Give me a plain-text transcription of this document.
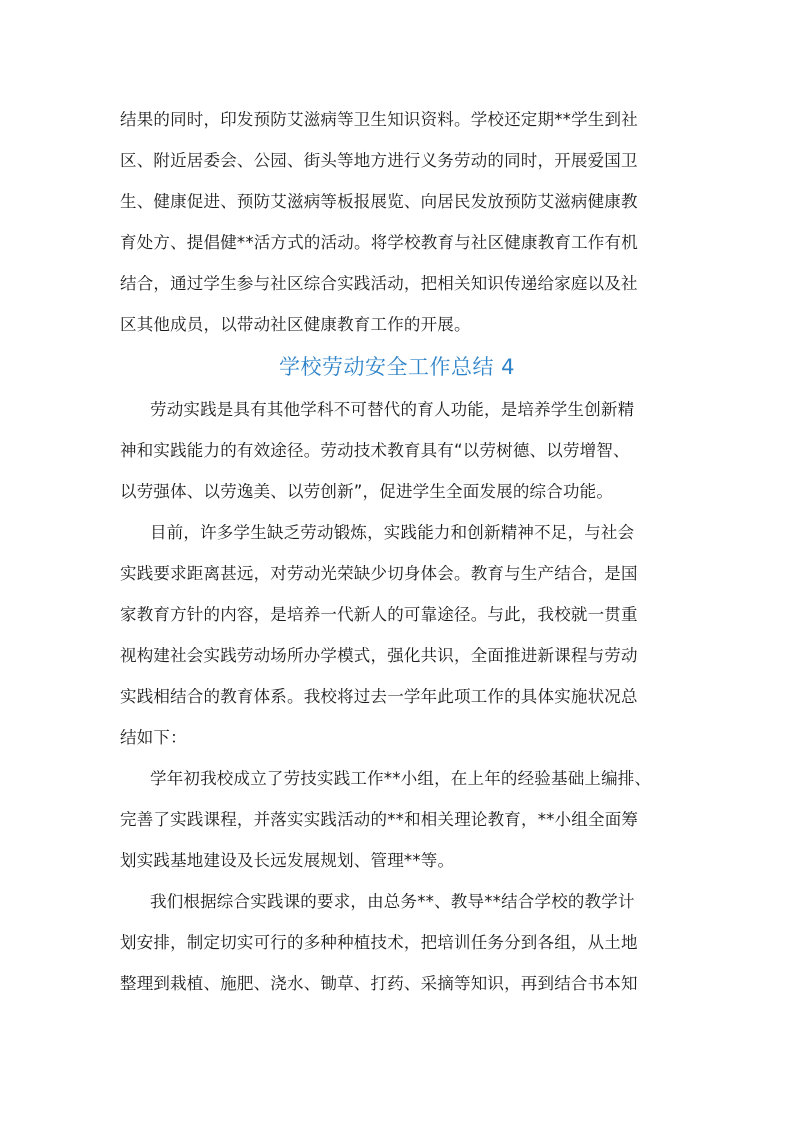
结果的同时，印发预防艾滋病等卫生知识资料。学校还定期**学生到社
区、附近居委会、公园、街头等地方进行义务劳动的同时，开展爱国卫
生、健康促进、预防艾滋病等板报展览、向居民发放预防艾滋病健康教
育处方、提倡健**活方式的活动。将学校教育与社区健康教育工作有机
结合，通过学生参与社区综合实践活动，把相关知识传递给家庭以及社
区其他成员，以带动社区健康教育工作的开展。
学校劳动安全工作总结 4
劳动实践是具有其他学科不可替代的育人功能，是培养学生创新精
神和实践能力的有效途径。劳动技术教育具有“以劳树德、以劳增智、
以劳强体、以劳逸美、以劳创新”，促进学生全面发展的综合功能。
目前，许多学生缺乏劳动锻炼，实践能力和创新精神不足，与社会
实践要求距离甚远，对劳动光荣缺少切身体会。教育与生产结合，是国
家教育方针的内容，是培养一代新人的可靠途径。与此，我校就一贯重
视构建社会实践劳动场所办学模式，强化共识，全面推进新课程与劳动
实践相结合的教育体系。我校将过去一学年此项工作的具体实施状况总
结如下：
学年初我校成立了劳技实践工作**小组，在上年的经验基础上编排、
完善了实践课程，并落实实践活动的**和相关理论教育，**小组全面筹
划实践基地建设及长远发展规划、管理**等。
我们根据综合实践课的要求，由总务**、教导**结合学校的教学计
划安排，制定切实可行的多种种植技术，把培训任务分到各组，从土地
整理到栽植、施肥、浇水、锄草、打药、采摘等知识，再到结合书本知
